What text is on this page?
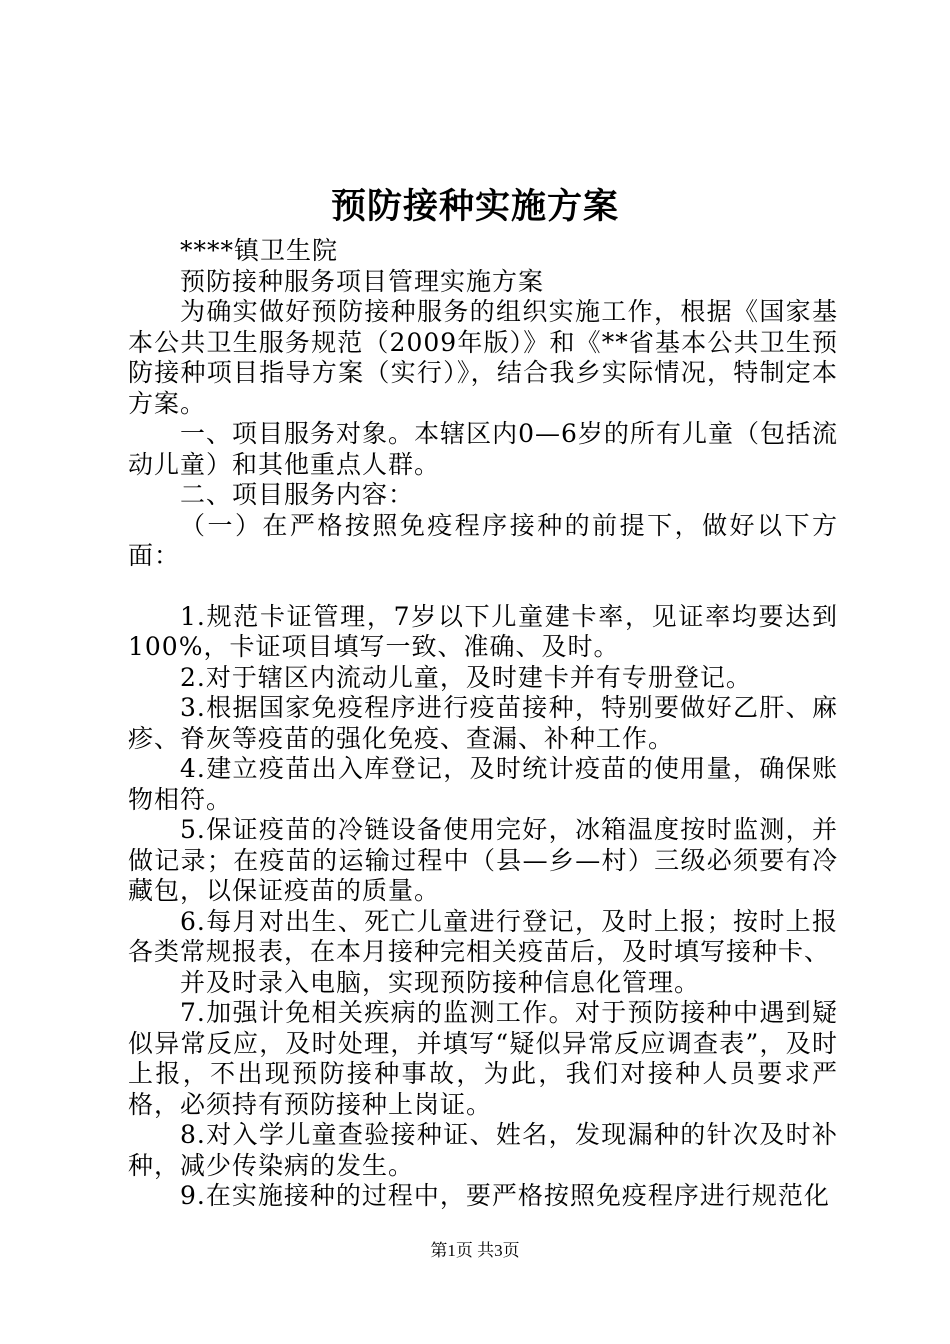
预防接种实施方案

****镇卫生院

预防接种服务项目管理实施方案

为确实做好预防接种服务的组织实施工作，根据《国家基本公共卫生服务规范（2009年版）》和《**省基本公共卫生预防接种项目指导方案（实行）》，结合我乡实际情况，特制定本方案。

一、项目服务对象。本辖区内0—6岁的所有儿童（包括流动儿童）和其他重点人群。

二、项目服务内容：

（一）在严格按照免疫程序接种的前提下，做好以下方面：

1.规范卡证管理，7岁以下儿童建卡率，见证率均要达到100%，卡证项目填写一致、准确、及时。

2.对于辖区内流动儿童，及时建卡并有专册登记。

3.根据国家免疫程序进行疫苗接种，特别要做好乙肝、麻疹、脊灰等疫苗的强化免疫、查漏、补种工作。

4.建立疫苗出入库登记，及时统计疫苗的使用量，确保账物相符。

5.保证疫苗的冷链设备使用完好，冰箱温度按时监测，并做记录；在疫苗的运输过程中（县—乡—村）三级必须要有冷藏包，以保证疫苗的质量。

6.每月对出生、死亡儿童进行登记，及时上报；按时上报各类常规报表，在本月接种完相关疫苗后，及时填写接种卡、

并及时录入电脑，实现预防接种信息化管理。

7.加强计免相关疾病的监测工作。对于预防接种中遇到疑似异常反应，及时处理，并填写“疑似异常反应调查表”，及时上报，不出现预防接种事故，为此，我们对接种人员要求严格，必须持有预防接种上岗证。

8.对入学儿童查验接种证、姓名，发现漏种的针次及时补种，减少传染病的发生。

9.在实施接种的过程中，要严格按照免疫程序进行规范化

第1页 共3页
